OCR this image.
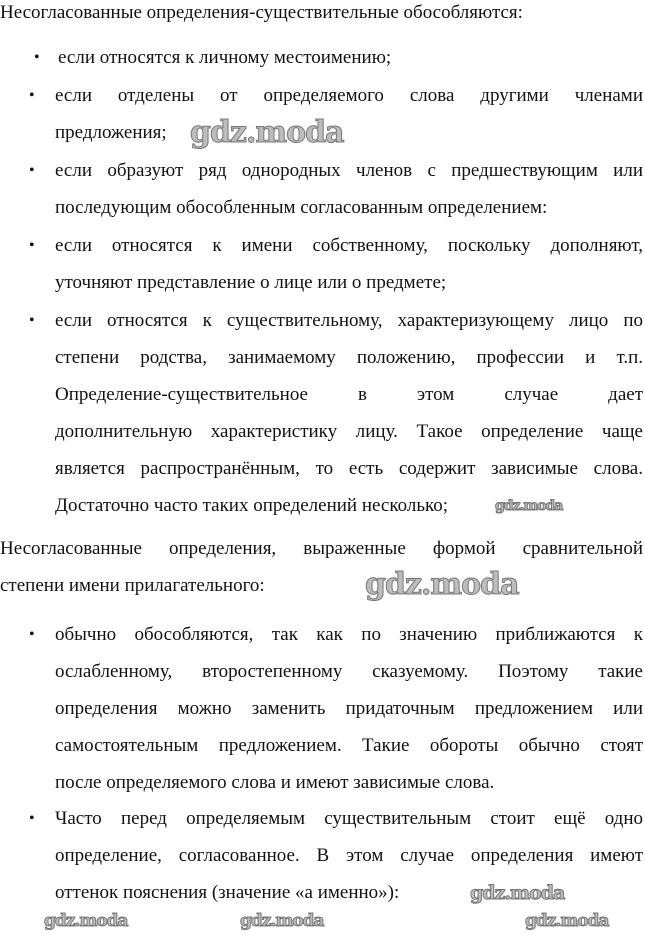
Несогласованные определения-существительные обособляются:
• если относятся к личному местоимению;
• если отделены от определяемого слова другими членами
предложения;
• если образуют ряд однородных членов с предшествующим или
последующим обособленным согласованным определением:
• если относятся к имени собственному, поскольку дополняют,
уточняют представление о лице или о предмете;
• если относятся к существительному, характеризующему лицо по
степени родства, занимаемому положению, профессии и т.п.
Определение-существительное в этом случае дает
дополнительную характеристику лицу. Такое определение чаще
является распространённым, то есть содержит зависимые слова.
Достаточно часто таких определений несколько;
Несогласованные определения, выраженные формой сравнительной
степени имени прилагательного:
• обычно обособляются, так как по значению приближаются к
ослабленному, второстепенному сказуемому. Поэтому такие
определения можно заменить придаточным предложением или
самостоятельным предложением. Такие обороты обычно стоят
после определяемого слова и имеют зависимые слова.
• Часто перед определяемым существительным стоит ещё одно
определение, согласованное. В этом случае определения имеют
оттенок пояснения (значение «а именно»):
gdz.moda
gdz.moda
gdz.moda
gdz.moda
gdz.moda	gdz.moda	gdz.moda
